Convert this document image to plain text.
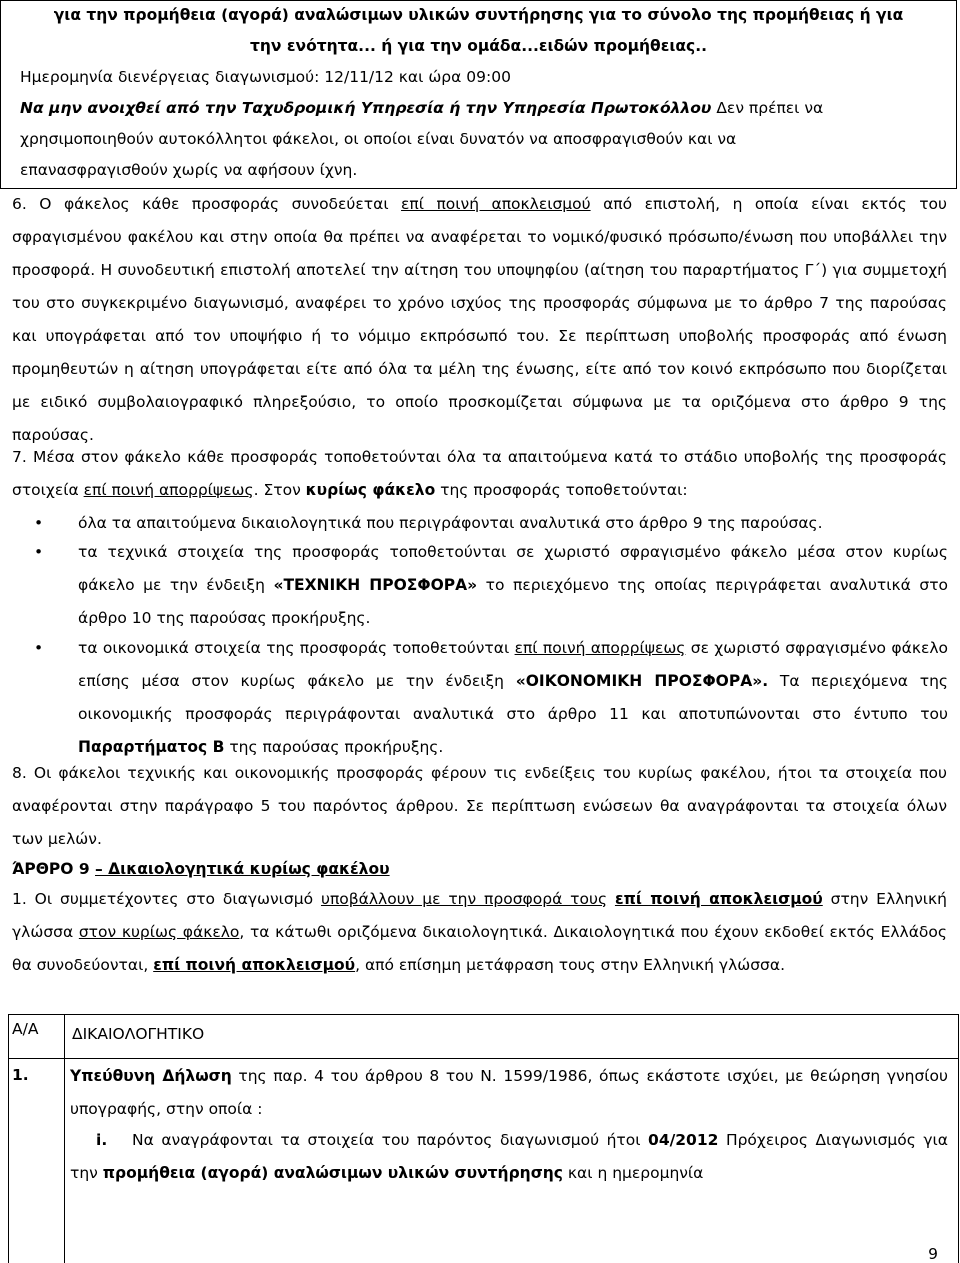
για την προμήθεια (αγορά) αναλώσιμων υλικών συντήρησης για το σύνολο της προμήθειας ή για
την ενότητα... ή για την ομάδα...ειδών προμήθειας..
Ημερομηνία διενέργειας διαγωνισμού: 12/11/12 και ώρα 09:00
Να μην ανοιχθεί από την Ταχυδρομική Υπηρεσία ή την Υπηρεσία Πρωτοκόλλου Δεν πρέπει να
χρησιμοποιηθούν αυτοκόλλητοι φάκελοι, οι οποίοι είναι δυνατόν να αποσφραγισθούν και να
επανασφραγισθούν χωρίς να αφήσουν ίχνη.

6. Ο φάκελος κάθε προσφοράς συνοδεύεται επί ποινή αποκλεισμού από επιστολή, η οποία είναι εκτός του σφραγισμένου φακέλου και στην οποία θα πρέπει να αναφέρεται το νομικό/φυσικό πρόσωπο/ένωση που υποβάλλει την προσφορά. Η συνοδευτική επιστολή αποτελεί την αίτηση του υποψηφίου (αίτηση του παραρτήματος Γ΄) για συμμετοχή του στο συγκεκριμένο διαγωνισμό, αναφέρει το χρόνο ισχύος της προσφοράς σύμφωνα με το άρθρο 7 της παρούσας και υπογράφεται από τον υποψήφιο ή το νόμιμο εκπρόσωπό του. Σε περίπτωση υποβολής προσφοράς από ένωση προμηθευτών η αίτηση υπογράφεται είτε από όλα τα μέλη της ένωσης, είτε από τον κοινό εκπρόσωπο που διορίζεται με ειδικό συμβολαιογραφικό πληρεξούσιο, το οποίο προσκομίζεται σύμφωνα με τα οριζόμενα στο άρθρο 9 της παρούσας.

7. Μέσα στον φάκελο κάθε προσφοράς τοποθετούνται όλα τα απαιτούμενα κατά το στάδιο υποβολής της προσφοράς στοιχεία επί ποινή απορρίψεως. Στον κυρίως φάκελο της προσφοράς τοποθετούνται:

• όλα τα απαιτούμενα δικαιολογητικά που περιγράφονται αναλυτικά στο άρθρο 9 της παρούσας.
• τα τεχνικά στοιχεία της προσφοράς τοποθετούνται σε χωριστό σφραγισμένο φάκελο μέσα στον κυρίως φάκελο με την ένδειξη «ΤΕΧΝΙΚΗ ΠΡΟΣΦΟΡΑ» το περιεχόμενο της οποίας περιγράφεται αναλυτικά στο άρθρο 10 της παρούσας προκήρυξης.
• τα οικονομικά στοιχεία της προσφοράς τοποθετούνται επί ποινή απορρίψεως σε χωριστό σφραγισμένο φάκελο επίσης μέσα στον κυρίως φάκελο με την ένδειξη «ΟΙΚΟΝΟΜΙΚΗ ΠΡΟΣΦΟΡΑ». Τα περιεχόμενα της οικονομικής προσφοράς περιγράφονται αναλυτικά στο άρθρο 11 και αποτυπώνονται στο έντυπο του Παραρτήματος Β της παρούσας προκήρυξης.

8. Οι φάκελοι τεχνικής και οικονομικής προσφοράς φέρουν τις ενδείξεις του κυρίως φακέλου, ήτοι τα στοιχεία που αναφέρονται στην παράγραφο 5 του παρόντος άρθρου. Σε περίπτωση ενώσεων θα αναγράφονται τα στοιχεία όλων των μελών.

ΆΡΘΡΟ 9 – Δικαιολογητικά κυρίως φακέλου

1. Οι συμμετέχοντες στο διαγωνισμό υποβάλλουν με την προσφορά τους επί ποινή αποκλεισμού στην Ελληνική γλώσσα στον κυρίως φάκελο, τα κάτωθι οριζόμενα δικαιολογητικά. Δικαιολογητικά που έχουν εκδοθεί εκτός Ελλάδος θα συνοδεύονται, επί ποινή αποκλεισμού, από επίσημη μετάφραση τους στην Ελληνική γλώσσα.

Α/Α ΔΙΚΑΙΟΛΟΓΗΤΙΚΟ
1.	Υπεύθυνη Δήλωση της παρ. 4 του άρθρου 8 του Ν. 1599/1986, όπως εκάστοτε ισχύει, με θεώρηση γνησίου υπογραφής, στην οποία :
i.	Να αναγράφονται τα στοιχεία του παρόντος διαγωνισμού ήτοι 04/2012 Πρόχειρος Διαγωνισμός για την προμήθεια (αγορά) αναλώσιμων υλικών συντήρησης και η ημερομηνία
9
